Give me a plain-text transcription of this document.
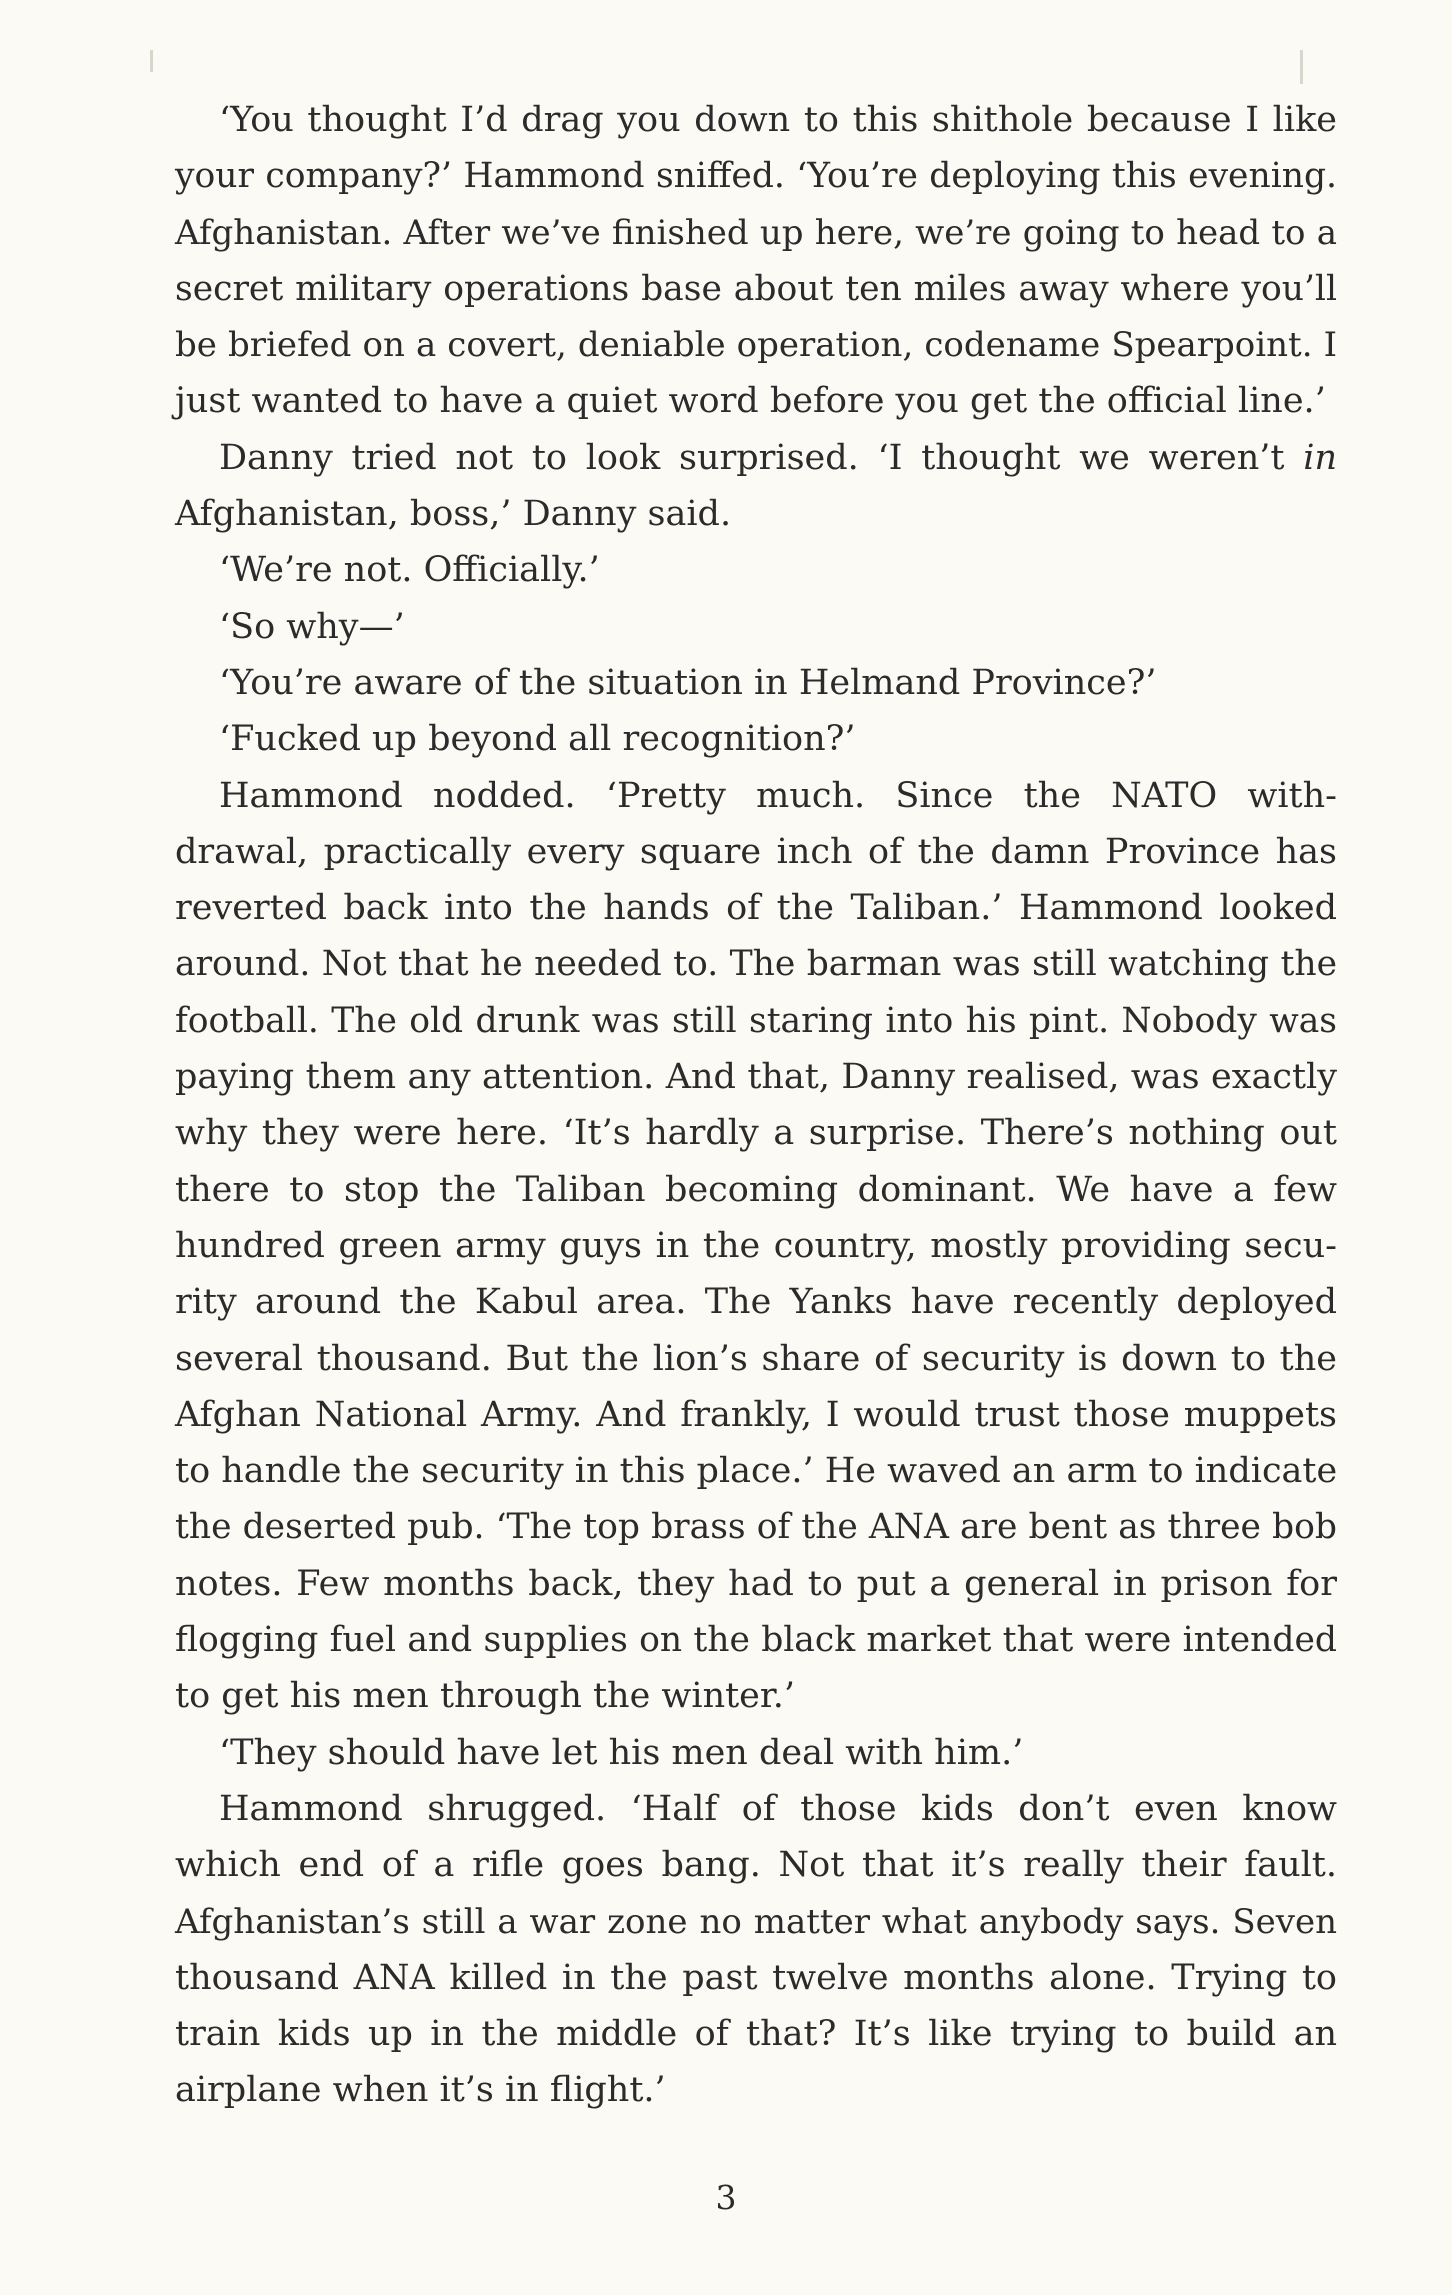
‘You thought I’d drag you down to this shithole because I like
your company?’ Hammond sniffed. ‘You’re deploying this evening.
Afghanistan. After we’ve finished up here, we’re going to head to a
secret military operations base about ten miles away where you’ll
be briefed on a covert, deniable operation, codename Spearpoint. I
just wanted to have a quiet word before you get the official line.’
Danny tried not to look surprised. ‘I thought we weren’t in
Afghanistan, boss,’ Danny said.
‘We’re not. Officially.’
‘So why—’
‘You’re aware of the situation in Helmand Province?’
‘Fucked up beyond all recognition?’
Hammond nodded. ‘Pretty much. Since the NATO with-
drawal, practically every square inch of the damn Province has
reverted back into the hands of the Taliban.’ Hammond looked
around. Not that he needed to. The barman was still watching the
football. The old drunk was still staring into his pint. Nobody was
paying them any attention. And that, Danny realised, was exactly
why they were here. ‘It’s hardly a surprise. There’s nothing out
there to stop the Taliban becoming dominant. We have a few
hundred green army guys in the country, mostly providing secu-
rity around the Kabul area. The Yanks have recently deployed
several thousand. But the lion’s share of security is down to the
Afghan National Army. And frankly, I would trust those muppets
to handle the security in this place.’ He waved an arm to indicate
the deserted pub. ‘The top brass of the ANA are bent as three bob
notes. Few months back, they had to put a general in prison for
flogging fuel and supplies on the black market that were intended
to get his men through the winter.’
‘They should have let his men deal with him.’
Hammond shrugged. ‘Half of those kids don’t even know
which end of a rifle goes bang. Not that it’s really their fault.
Afghanistan’s still a war zone no matter what anybody says. Seven
thousand ANA killed in the past twelve months alone. Trying to
train kids up in the middle of that? It’s like trying to build an
airplane when it’s in flight.’
3
